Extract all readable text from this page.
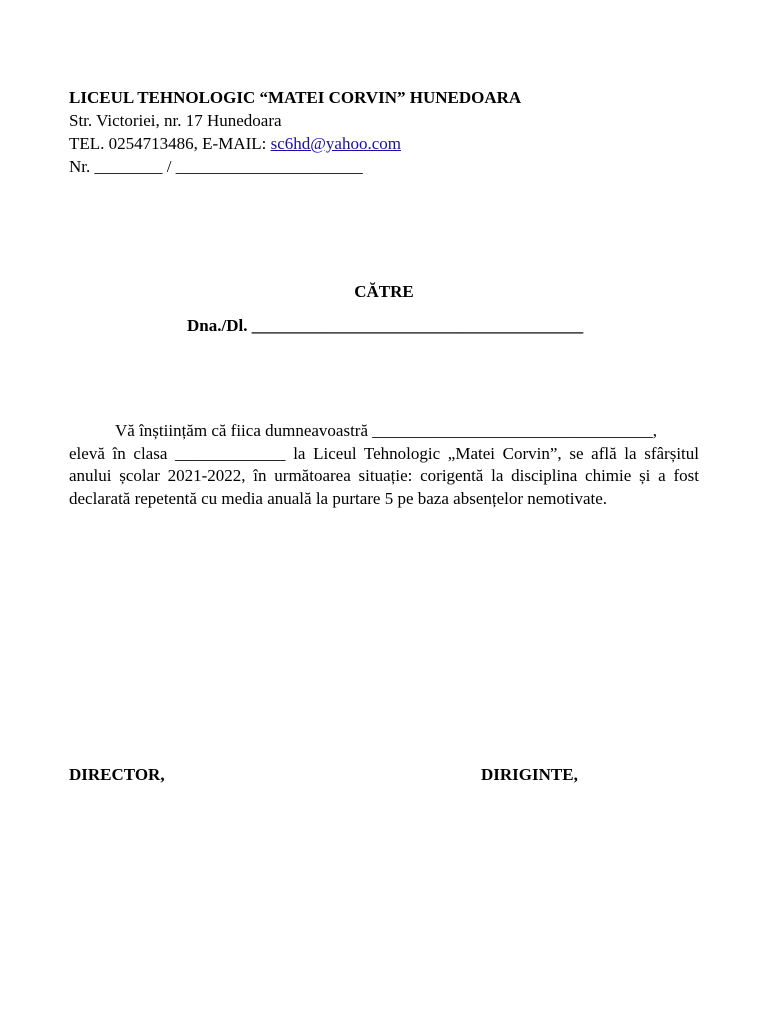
LICEUL TEHNOLOGIC “MATEI CORVIN” HUNEDOARA
Str. Victoriei, nr. 17 Hunedoara
TEL. 0254713486, E-MAIL: sc6hd@yahoo.com
Nr. ________ / ______________________
CĂTRE
Dna./Dl. _______________________________________

Vă înștiințăm că fiica dumneavoastră _________________________________,

elevă în clasa _____________ la Liceul Tehnologic „Matei Corvin”, se află la sfârșitul

anului școlar 2021-2022, în următoarea situație: corigentă la disciplina chimie și a fost

declarată repetentă cu media anuală la purtare 5 pe baza absențelor nemotivate.

DIRECTOR,	DIRIGINTE,
